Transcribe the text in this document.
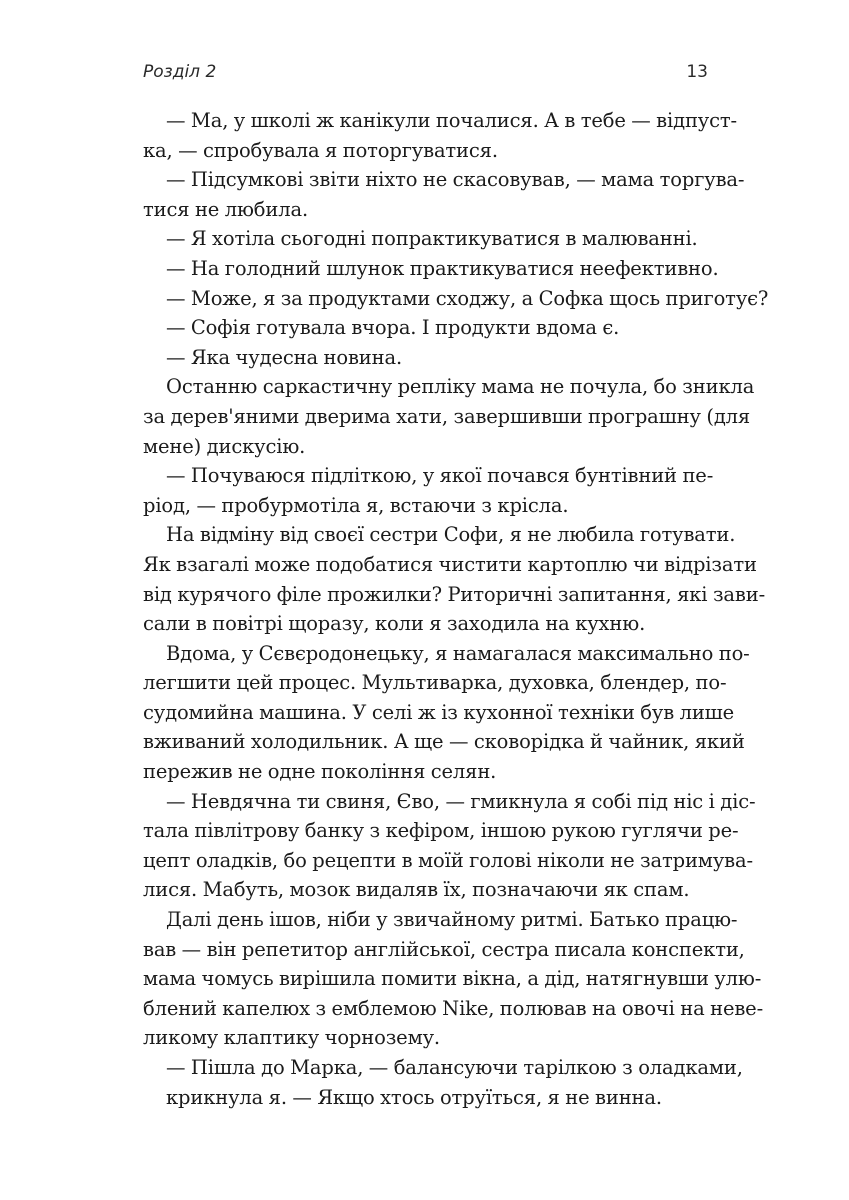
Розділ 2	13
— Ма, у школі ж канікули почалися. А в тебе — відпуст-
ка, — спробувала я поторгуватися.
— Підсумкові звіти ніхто не скасовував, — мама торгува-
тися не любила.
— Я хотіла сьогодні попрактикуватися в малюванні.
— На голодний шлунок практикуватися неефективно.
— Може, я за продуктами сходжу, а Софка щось приготує?
— Софія готувала вчора. І продукти вдома є.
— Яка чудесна новина.
Останню саркастичну репліку мама не почула, бо зникла
за дерев'яними дверима хати, завершивши програшну (для
мене) дискусію.
— Почуваюся підліткою, у якої почався бунтівний пе-
ріод, — пробурмотіла я, встаючи з крісла.
На відміну від своєї сестри Софи, я не любила готувати.
Як взагалі може подобатися чистити картоплю чи відрізати
від курячого філе прожилки? Риторичні запитання, які зави-
сали в повітрі щоразу, коли я заходила на кухню.
Вдома, у Сєвєродонецьку, я намагалася максимально по-
легшити цей процес. Мультиварка, духовка, блендер, по-
судомийна машина. У селі ж із кухонної техніки був лише
вживаний холодильник. А ще — сковорідка й чайник, який
пережив не одне покоління селян.
— Невдячна ти свиня, Єво, — гмикнула я собі під ніс і діс-
тала півлітрову банку з кефіром, іншою рукою гуглячи ре-
цепт оладків, бо рецепти в моїй голові ніколи не затримува-
лися. Мабуть, мозок видаляв їх, позначаючи як спам.
Далі день ішов, ніби у звичайному ритмі. Батько працю-
вав — він репетитор англійської, сестра писала конспекти,
мама чомусь вирішила помити вікна, а дід, натягнувши улю-
блений капелюх з емблемою Nike, полював на овочі на неве-
ликому клаптику чорнозему.
— Пішла до Марка, — балансуючи тарілкою з оладками,
крикнула я. — Якщо хтось отруїться, я не винна.
